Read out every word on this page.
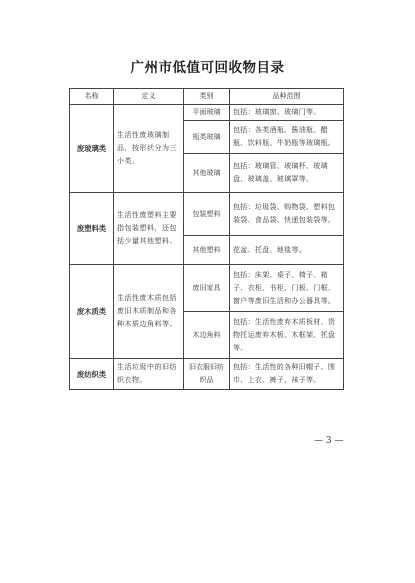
广州市低值可回收物目录
名称	定义	类别	品种范围
废玻璃类	生活性废玻璃制品，按形状分为三小类。	平面玻璃	包括：玻璃窗、玻璃门等。
		瓶类玻璃	包括：各类酒瓶、酱油瓶、醋瓶、饮料瓶、牛奶瓶等玻璃瓶。
		其他玻璃	包括：玻璃管、玻璃杯、玻璃盘、玻璃盖、玻璃罩等。
废塑料类	生活性废塑料主要指包装塑料，还包括少量其他塑料。	包装塑料	包括：垃圾袋、购物袋、塑料包装袋、食品袋、快递包装袋等。
		其他塑料	花盆、托盘、地毯等。
废木质类	生活性废木质包括废旧木质制品和各种木质边角料等。	废旧家具	包括：床架、桌子、椅子、箱子、衣柜、书柜、门板、门框、窗户等废旧生活和办公器具等。
		木边角料	包括：生活性废弃木质板材、货物托运废弃木板、木框架、托盘等。
废纺织类	生活垃圾中的旧纺织衣物。	旧衣服旧纺织品	包括：生活性的各种旧帽子、围巾、上衣、裤子、袜子等。
— 3 —
